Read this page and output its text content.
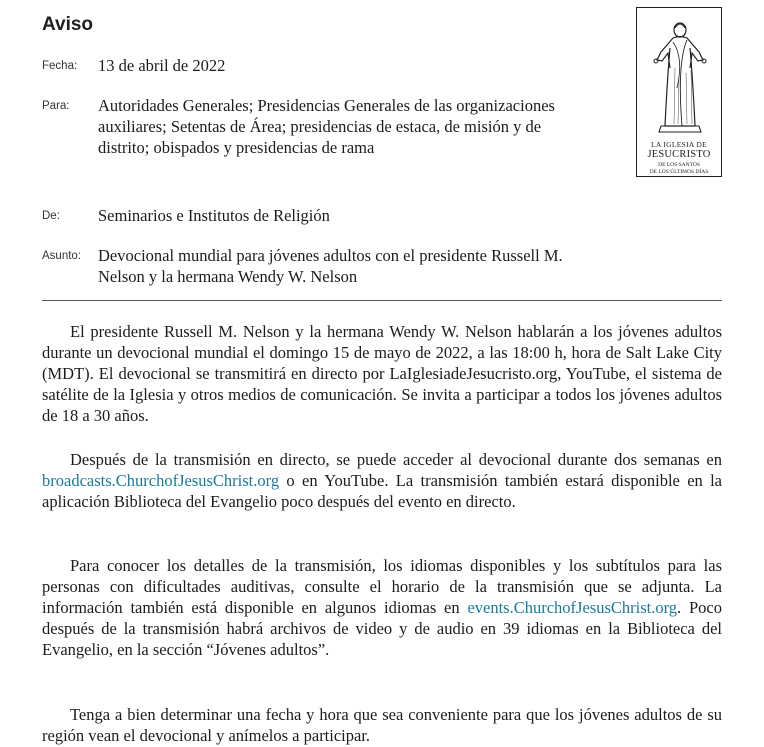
Aviso
LA IGLESIA DE
JESUCRISTO
DE LOS SANTOS
DE LOS ÚLTIMOS DÍAS
Fecha: 13 de abril de 2022
Para: Autoridades Generales; Presidencias Generales de las organizaciones auxiliares; Setentas de Área; presidencias de estaca, de misión y de distrito; obispados y presidencias de rama
De: Seminarios e Institutos de Religión
Asunto: Devocional mundial para jóvenes adultos con el presidente Russell M. Nelson y la hermana Wendy W. Nelson

El presidente Russell M. Nelson y la hermana Wendy W. Nelson hablarán a los jóvenes adultos durante un devocional mundial el domingo 15 de mayo de 2022, a las 18:00 h, hora de Salt Lake City (MDT). El devocional se transmitirá en directo por LaIglesiadeJesucristo.org, YouTube, el sistema de satélite de la Iglesia y otros medios de comunicación. Se invita a participar a todos los jóvenes adultos de 18 a 30 años.

Después de la transmisión en directo, se puede acceder al devocional durante dos semanas en broadcasts.ChurchofJesusChrist.org o en YouTube. La transmisión también estará disponible en la aplicación Biblioteca del Evangelio poco después del evento en directo.

Para conocer los detalles de la transmisión, los idiomas disponibles y los subtítulos para las personas con dificultades auditivas, consulte el horario de la transmisión que se adjunta. La información también está disponible en algunos idiomas en events.ChurchofJesusChrist.org. Poco después de la transmisión habrá archivos de video y de audio en 39 idiomas en la Biblioteca del Evangelio, en la sección “Jóvenes adultos”.

Tenga a bien determinar una fecha y hora que sea conveniente para que los jóvenes adultos de su región vean el devocional y anímelos a participar.
